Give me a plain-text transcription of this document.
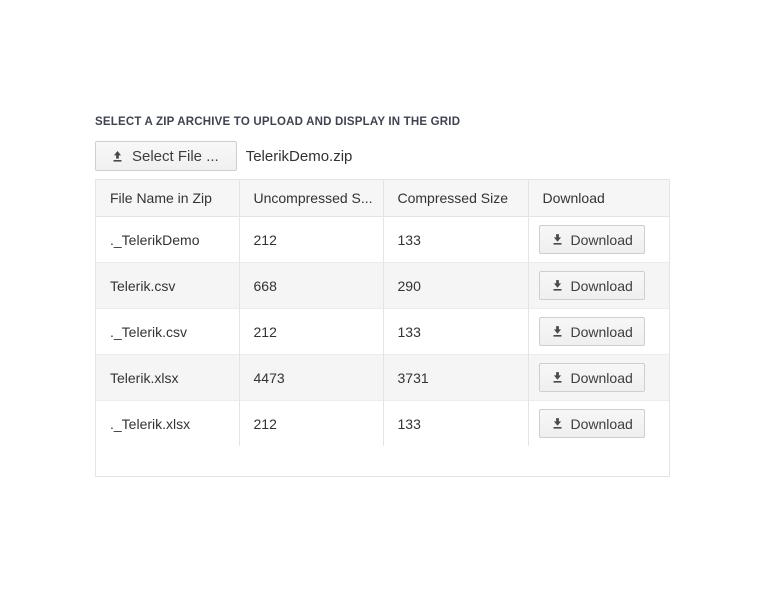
SELECT A ZIP ARCHIVE TO UPLOAD AND DISPLAY IN THE GRID
Select File ... TelerikDemo.zip
File Name in Zip	Uncompressed S...	Compressed Size	Download
._TelerikDemo	212	133	Download

Telerik.csv	668	290	Download

._Telerik.csv	212	133	Download

Telerik.xlsx	4473	3731	Download

._Telerik.xlsx	212	133	Download
